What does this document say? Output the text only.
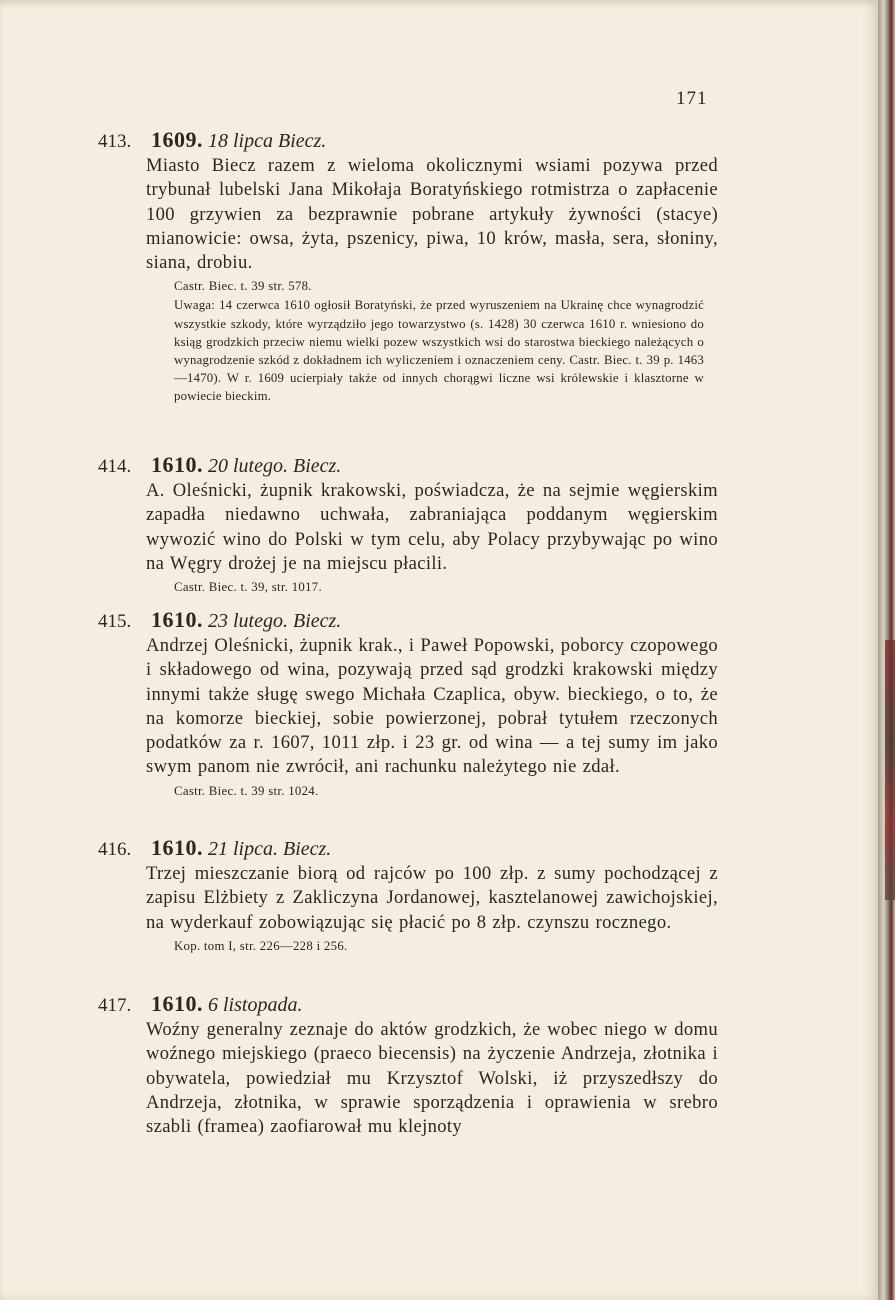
171
413. 1609. 18 lipca Biecz.

Miasto Biecz razem z wieloma okolicznymi wsiami pozywa przed trybunał lubelski Jana Mikołaja Boratyńskiego rotmistrza o zapłacenie 100 grzywien za bezprawnie pobrane artykuły żywności (stacye) mianowicie: owsa, żyta, pszenicy, piwa, 10 krów, masła, sera, słoniny, siana, drobiu.

Castr. Biec. t. 39 str. 578.
Uwaga: 14 czerwca 1610 ogłosił Boratyński, że przed wyruszeniem na Ukrainę chce wynagrodzić wszystkie szkody, które wyrządziło jego towarzystwo (s. 1428) 30 czerwca 1610 r. wniesiono do ksiąg grodzkich przeciw niemu wielki pozew wszystkich wsi do starostwa bieckiego należących o wynagrodzenie szkód z dokładnem ich wyliczeniem i oznaczeniem ceny. Castr. Biec. t. 39 p. 1463—1470). W r. 1609 ucierpiały także od innych chorągwi liczne wsi królewskie i klasztorne w powiecie bieckim.
414. 1610. 20 lutego. Biecz.

A. Oleśnicki, żupnik krakowski, poświadcza, że na sejmie węgierskim zapadła niedawno uchwała, zabraniająca poddanym węgierskim wywozić wino do Polski w tym celu, aby Polacy przybywając po wino na Węgry drożej je na miejscu płacili.

Castr. Biec. t. 39, str. 1017.
415. 1610. 23 lutego. Biecz.

Andrzej Oleśnicki, żupnik krak., i Paweł Popowski, poborcy czopowego i składowego od wina, pozywają przed sąd grodzki krakowski między innymi także sługę swego Michała Czaplica, obyw. bieckiego, o to, że na komorze bieckiej, sobie powierzonej, pobrał tytułem rzeczonych podatków za r. 1607, 1011 złp. i 23 gr. od wina — a tej sumy im jako swym panom nie zwrócił, ani rachunku należytego nie zdał.

Castr. Biec. t. 39 str. 1024.
416. 1610. 21 lipca. Biecz.

Trzej mieszczanie biorą od rajców po 100 złp. z sumy pochodzącej z zapisu Elżbiety z Zakliczyna Jordanowej, kasztelanowej zawichojskiej, na wyderkauf zobowiązując się płacić po 8 złp. czynszu rocznego.

Kop. tom I, str. 226—228 i 256.
417. 1610. 6 listopada.

Woźny generalny zeznaje do aktów grodzkich, że wobec niego w domu woźnego miejskiego (praeco biecensis) na życzenie Andrzeja, złotnika i obywatela, powiedział mu Krzysztof Wolski, iż przyszedłszy do Andrzeja, złotnika, w sprawie sporządzenia i oprawienia w srebro szabli (framea) zaofiarował mu klejnoty
